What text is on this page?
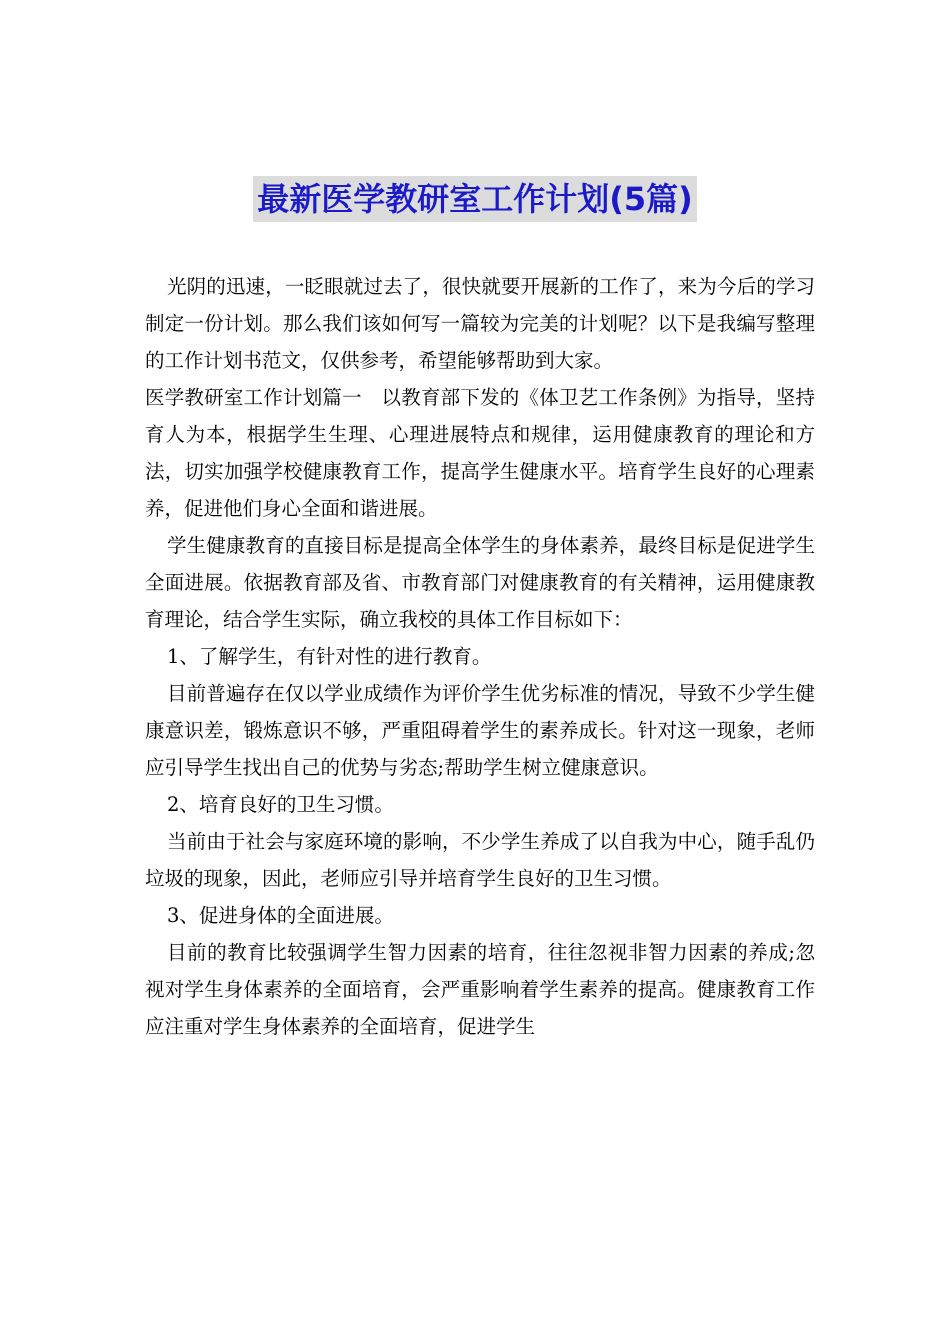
最新医学教研室工作计划(5篇)

光阴的迅速，一眨眼就过去了，很快就要开展新的工作了，来为今后的学习制定一份计划。那么我们该如何写一篇较为完美的计划呢？以下是我编写整理的工作计划书范文，仅供参考，希望能够帮助到大家。

医学教研室工作计划篇一　以教育部下发的《体卫艺工作条例》为指导，坚持育人为本，根据学生生理、心理进展特点和规律，运用健康教育的理论和方法，切实加强学校健康教育工作，提高学生健康水平。培育学生良好的心理素养，促进他们身心全面和谐进展。

学生健康教育的直接目标是提高全体学生的身体素养，最终目标是促进学生全面进展。依据教育部及省、市教育部门对健康教育的有关精神，运用健康教育理论，结合学生实际，确立我校的具体工作目标如下：

1、了解学生，有针对性的进行教育。

目前普遍存在仅以学业成绩作为评价学生优劣标准的情况，导致不少学生健康意识差，锻炼意识不够，严重阻碍着学生的素养成长。针对这一现象，老师应引导学生找出自己的优势与劣态;帮助学生树立健康意识。

2、培育良好的卫生习惯。

当前由于社会与家庭环境的影响，不少学生养成了以自我为中心，随手乱仍垃圾的现象，因此，老师应引导并培育学生良好的卫生习惯。

3、促进身体的全面进展。

目前的教育比较强调学生智力因素的培育，往往忽视非智力因素的养成;忽视对学生身体素养的全面培育，会严重影响着学生素养的提高。健康教育工作应注重对学生身体素养的全面培育，促进学生
